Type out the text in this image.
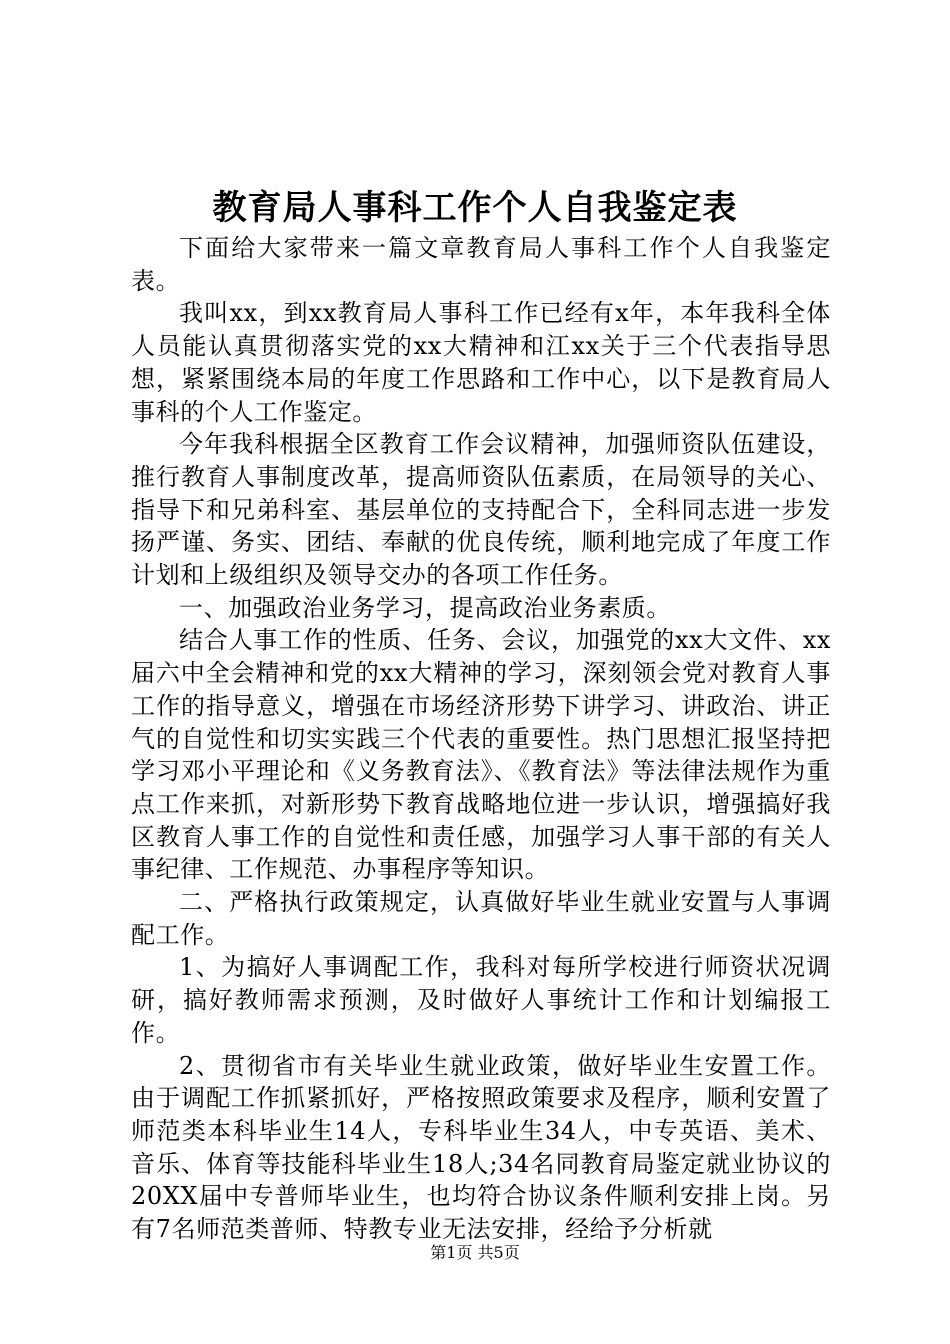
教育局人事科工作个人自我鉴定表

下面给大家带来一篇文章教育局人事科工作个人自我鉴定表。

我叫xx，到xx教育局人事科工作已经有x年，本年我科全体人员能认真贯彻落实党的xx大精神和江xx关于三个代表指导思想，紧紧围绕本局的年度工作思路和工作中心，以下是教育局人事科的个人工作鉴定。

今年我科根据全区教育工作会议精神，加强师资队伍建设，推行教育人事制度改革，提高师资队伍素质，在局领导的关心、指导下和兄弟科室、基层单位的支持配合下，全科同志进一步发扬严谨、务实、团结、奉献的优良传统，顺利地完成了年度工作计划和上级组织及领导交办的各项工作任务。

一、加强政治业务学习，提高政治业务素质。

结合人事工作的性质、任务、会议，加强党的xx大文件、xx届六中全会精神和党的xx大精神的学习，深刻领会党对教育人事工作的指导意义，增强在市场经济形势下讲学习、讲政治、讲正气的自觉性和切实实践三个代表的重要性。热门思想汇报坚持把学习邓小平理论和《义务教育法》、《教育法》等法律法规作为重点工作来抓，对新形势下教育战略地位进一步认识，增强搞好我区教育人事工作的自觉性和责任感，加强学习人事干部的有关人事纪律、工作规范、办事程序等知识。

二、严格执行政策规定，认真做好毕业生就业安置与人事调配工作。

1、为搞好人事调配工作，我科对每所学校进行师资状况调研，搞好教师需求预测，及时做好人事统计工作和计划编报工作。

2、贯彻省市有关毕业生就业政策，做好毕业生安置工作。由于调配工作抓紧抓好，严格按照政策要求及程序，顺利安置了师范类本科毕业生14人，专科毕业生34人，中专英语、美术、音乐、体育等技能科毕业生18人;34名同教育局鉴定就业协议的20XX届中专普师毕业生，也均符合协议条件顺利安排上岗。另有7名师范类普师、特教专业无法安排，经给予分析就

第1页 共5页
